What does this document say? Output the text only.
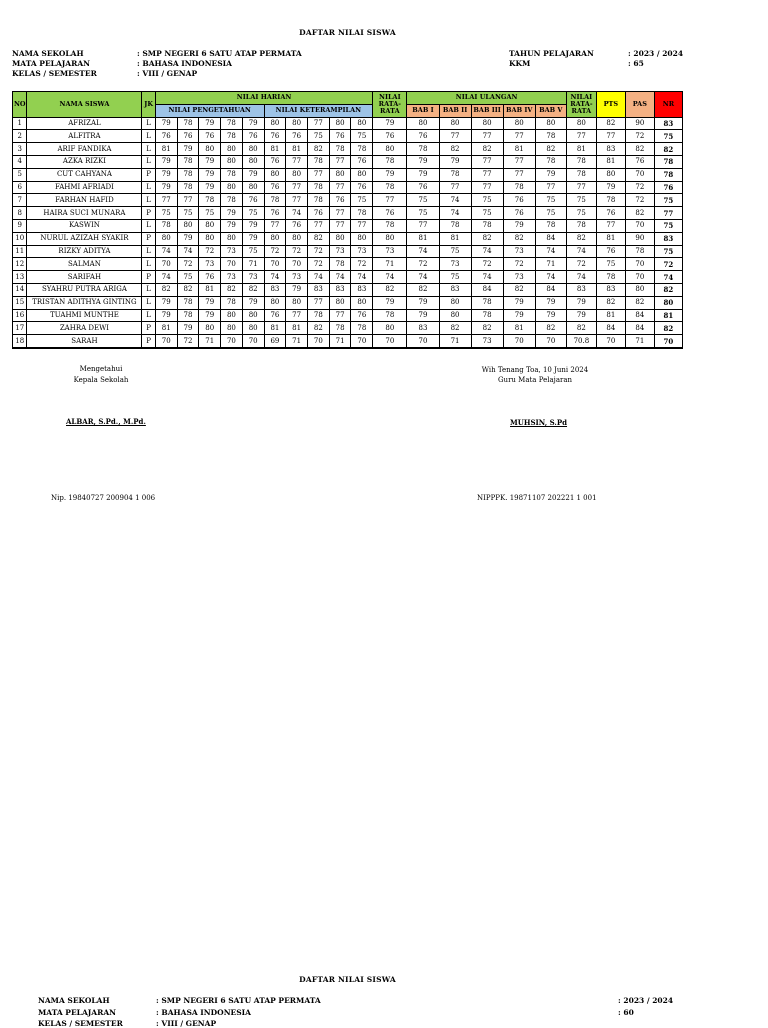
DAFTAR NILAI SISWA
NAMA SEKOLAH	: SMP NEGERI 6 SATU ATAP PERMATA
MATA PELAJARAN	: BAHASA INDONESIA
KELAS / SEMESTER	: VIII / GENAP
TAHUN PELAJARAN	: 2023 / 2024
KKM	: 65
NO	NAMA SISWA	JK	NILAI HARIAN										NILAI RATA-RATA	NILAI ULANGAN					NILAI RATA-RATA	PTS	PAS	NR
			NILAI PENGETAHUAN					NILAI KETERAMPILAN						BAB I	BAB II	BAB III	BAB IV	BAB V				
1	AFRIZAL	L	79	78	79	78	79	80	80	77	80	80	79	80	80	80	80	80	80	82	90	83
2	ALFITRA	L	76	76	76	78	76	76	76	75	76	75	76	76	77	77	77	78	77	77	72	75
3	ARIF FANDIKA	L	81	79	80	80	80	81	81	82	78	78	80	78	82	82	81	82	81	83	82	82
4	AZKA RIZKI	L	79	78	79	80	80	76	77	78	77	76	78	79	79	77	77	78	78	81	76	78
5	CUT CAHYANA	P	79	78	79	78	79	80	80	77	80	80	79	79	78	77	77	79	78	80	70	78
6	FAHMI AFRIADI	L	79	78	79	80	80	76	77	78	77	76	78	76	77	77	78	77	77	79	72	76
7	FARHAN HAFID	L	77	77	78	78	76	78	77	78	76	75	77	75	74	75	76	75	75	78	72	75
8	HAIRA SUCI MUNARA	P	75	75	75	79	75	76	74	76	77	78	76	75	74	75	76	75	75	76	82	77
9	KASWIN	L	78	80	80	79	79	77	76	77	77	77	78	77	78	78	79	78	78	77	70	75
10	NURUL AZIZAH SYAKIR	P	80	79	80	80	79	80	80	82	80	80	80	81	81	82	82	84	82	81	90	83
11	RIZKY ADITYA	L	74	74	72	73	75	72	72	72	73	73	73	74	75	74	73	74	74	76	78	75
12	SALMAN	L	70	72	73	70	71	70	70	72	78	72	71	72	73	72	72	71	72	75	70	72
13	SARIFAH	P	74	75	76	73	73	74	73	74	74	74	74	74	75	74	73	74	74	78	70	74
14	SYAHRU PUTRA ARIGA	L	82	82	81	82	82	83	79	83	83	83	82	82	83	84	82	84	83	83	80	82
15	TRISTAN ADITHYA GINTING	L	79	78	79	78	79	80	80	77	80	80	79	79	80	78	79	79	79	82	82	80
16	TUAHMI MUNTHE	L	79	78	79	80	80	76	77	78	77	76	78	79	80	78	79	79	79	81	84	81
17	ZAHRA DEWI	P	81	79	80	80	80	81	81	82	78	78	80	83	82	82	81	82	82	84	84	82
18	SARAH	P	70	72	71	70	70	69	71	70	71	70	70	70	71	73	70	70	70.8	70	71	70
Mengetahui
Kepala Sekolah
ALBAR, S.Pd., M.Pd.
Nip. 19840727 200904 1 006
Wih Tenang Toa, 10 Juni 2024
Guru Mata Pelajaran
MUHSIN, S.Pd
NIPPPK. 19871107 202221 1 001
DAFTAR NILAI SISWA
NAMA SEKOLAH	: SMP NEGERI 6 SATU ATAP PERMATA
MATA PELAJARAN	: BAHASA INDONESIA
KELAS / SEMESTER	: VIII / GENAP
: 2023 / 2024
: 60
